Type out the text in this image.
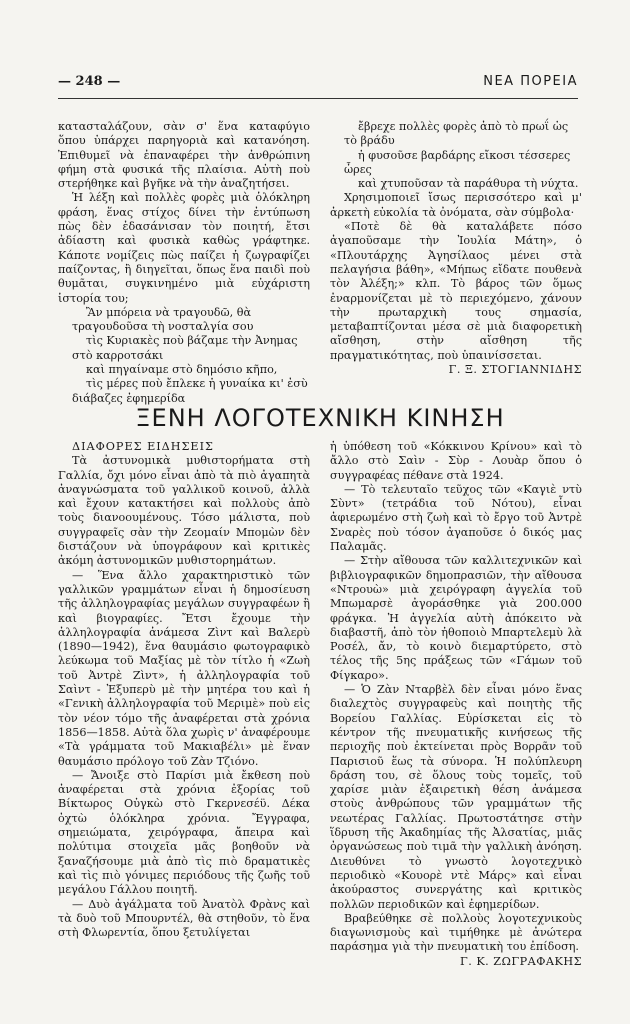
— 248 —	ΝΕΑ ΠΟΡΕΙΑ

κατασταλάζουν, σὰν σ' ἕνα καταφύγιο ὅπου ὑπάρχει παρηγοριὰ καὶ κατανόηση. Ἐπιθυμεῖ νὰ ἐπαναφέρει τὴν ἀνθρώπινη φήμη στὰ φυσικά τῆς πλαίσια. Αὐτὴ ποὺ στερήθηκε καὶ βγῆκε νὰ τὴν ἀναζητήσει.

Ἡ λέξη καὶ πολλὲς φορὲς μιὰ ὁλόκληρη φράση, ἕνας στίχος δίνει τὴν ἐντύπωση πὼς δὲν ἐδασάνισαν τὸν ποιητή, ἔτσι ἀδίαστη καὶ φυσικὰ καθὼς γράφτηκε. Κάποτε νομίζεις πὼς παίζει ἡ ζωγραφίζει παίζοντας, ἢ διηγεῖται, ὅπως ἕνα παιδὶ ποὺ θυμᾶται, συγκινημένο μιὰ εὐχάριστη ἱστορία του;

Ἂν μπόρεια νὰ τραγουδῶ, θὰ τραγουδοῦσα τὴ νοσταλγία σου

τὶς Κυριακὲς ποὺ βάζαμε τὴν Ἀνημας στὸ καρροτσάκι

καὶ πηγαίναμε στὸ δημόσιο κῆπο,

τὶς μέρες ποὺ ἔπλεκε ἡ γυναίκα κι' ἐσὺ διάβαζες ἐφημερίδα

ἔβρεχε πολλὲς φορὲς ἀπὸ τὸ πρωΐ ὡς τὸ βράδυ

ἡ φυσοῦσε βαρδάρης εἴκοσι τέσσερες ὧρες

καὶ χτυποῦσαν τὰ παράθυρα τὴ νύχτα.

Χρησιμοποιεῖ ἴσως περισσότερο καὶ μ' ἀρκετὴ εὐκολία τὰ ὀνόματα, σὰν σύμβολα·

«Ποτὲ δὲ θὰ καταλάβετε πόσο ἀγαποῦσαμε τὴν Ἰουλία Μάτη», ὁ «Πλουτάρχης Ἀγησίλαος μένει στὰ πελαγήσια βάθη», «Μήπως εἴδατε πουθενὰ τὸν Ἀλέξη;» κλπ. Τὸ βάρος τῶν ὅμως ἐναρμονίζεται μὲ τὸ περιεχόμενο, χάνουν τὴν πρωταρχικὴ τους σημασία, μεταβαπτίζονται μέσα σὲ μιὰ διαφορετικὴ αἴσθηση, στὴν αἴσθηση τῆς πραγματικότητας, ποὺ ὑπαινίσσεται.

Γ. Ξ. ΣΤΟΓΙΑΝΝΙΔΗΣ

ΞΕΝΗ ΛΟΓΟΤΕΧΝΙΚΗ ΚΙΝΗΣΗ

ΔΙΑΦΟΡΕΣ ΕΙΔΗΣΕΙΣ

Τὰ ἀστυνομικὰ μυθιστορήματα στὴ Γαλλία, ὄχι μόνο εἶναι ἀπὸ τὰ πιὸ ἀγαπητὰ ἀναγνώσματα τοῦ γαλλικοῦ κοινοῦ, ἀλλὰ καὶ ἔχουν κατακτήσει καὶ πολλοὺς ἀπὸ τοὺς διανοουμένους. Τόσο μάλιστα, ποὺ συγγραφεῖς σὰν τὴν Ζεομαίν Μπομὼν δὲν διστάζουν νὰ ὑπογράφουν καὶ κριτικὲς ἀκόμη ἀστυνομικῶν μυθιστορημάτων.

— Ἕνα ἄλλο χαρακτηριστικὸ τῶν γαλλικῶν γραμμάτων εἶναι ἡ δημοσίευση τῆς ἀλληλογραφίας μεγάλων συγγραφέων ἢ καὶ βιογραφίες. Ἔτσι ἔχουμε τὴν ἀλληλογραφία ἀνάμεσα Ζὶντ καὶ Βαλερὺ (1890—1942), ἕνα θαυμάσιο φωτογραφικὸ λεύκωμα τοῦ Μαξίας μὲ τὸν τίτλο ἡ «Ζωὴ τοῦ Ἀντρὲ Ζὶντ», ἡ ἀλληλογραφία τοῦ Σαὶντ - Ἐξυπερὺ μὲ τὴν μητέρα του καὶ ἡ «Γενικὴ ἀλληλογραφία τοῦ Μεριμὲ» ποὺ εἰς τὸν νέον τόμο τῆς ἀναφέρεται στὰ χρόνια 1856—1858. Αὐτὰ ὅλα χωρὶς ν' ἀναφέρουμε «Τὰ γράμματα τοῦ Μακιαβέλι» μὲ ἕναν θαυμάσιο πρόλογο τοῦ Ζὰν Τζιόνο.

— Ἄνοιξε στὸ Παρίσι μιὰ ἔκθεση ποὺ ἀναφέρεται στὰ χρόνια ἐξορίας τοῦ Βίκτωρος Οὐγκὼ στὸ Γκερνεσέϋ. Δέκα ὀχτὼ ὁλόκληρα χρόνια. Ἔγγραφα, σημειώματα, χειρόγραφα, ἄπειρα καὶ πολύτιμα στοιχεῖα μᾶς βοηθοῦν νὰ ξαναζήσουμε μιὰ ἀπὸ τὶς πιὸ δραματικὲς καὶ τὶς πιὸ γόνιμες περιόδους τῆς ζωῆς τοῦ μεγάλου Γάλλου ποιητῆ.

— Δυὸ ἀγάλματα τοῦ Ἀνατὸλ Φρὰνς καὶ τὰ δυὸ τοῦ Μπουρντέλ, θὰ στηθοῦν, τὸ ἕνα στὴ Φλωρεντία, ὅπου ξετυλίγεται

ἡ ὑπόθεση τοῦ «Κόκκινου Κρίνου» καὶ τὸ ἄλλο στὸ Σαὶν - Σὺρ - Λουὰρ ὅπου ὁ συγγραφέας πέθανε στὰ 1924.

— Τὸ τελευταῖο τεῦχος τῶν «Καγιὲ ντὺ Σὺντ» (τετράδια τοῦ Νότου), εἶναι ἀφιερωμένο στὴ ζωὴ καὶ τὸ ἔργο τοῦ Ἀντρὲ Σναρὲς ποὺ τόσον ἀγαποῦσε ὁ δικός μας Παλαμᾶς.

— Στὴν αἴθουσα τῶν καλλιτεχνικῶν καὶ βιβλιογραφικῶν δημοπρασιῶν, τὴν αἴθουσα «Ντρουὼ» μιὰ χειρόγραφη ἀγγελία τοῦ Μπωμαρσὲ ἀγοράσθηκε γιὰ 200.000 φράγκα. Ἡ ἀγγελία αὐτὴ ἀπόκειτο νὰ διαβαστῆ, ἀπὸ τὸν ἠθοποιὸ Μπαρτελεμὺ λὰ Ροσέλ, ἄν, τὸ κοινὸ διεμαρτύρετο, στὸ τέλος τῆς 5ης πράξεως τῶν «Γάμων τοῦ Φίγκαρο».

— Ὁ Ζὰν Νταρβὲλ δὲν εἶναι μόνο ἕνας διαλεχτὸς συγγραφεὺς καὶ ποιητὴς τῆς Βορείου Γαλλίας. Εὑρίσκεται εἰς τὸ κέντρον τῆς πνευματικῆς κινήσεως τῆς περιοχῆς ποὺ ἐκτείνεται πρὸς Βορρᾶν τοῦ Παρισιοῦ ἕως τὰ σύνορα. Ἡ πολύπλευρη δράση του, σὲ ὅλους τοὺς τομεῖς, τοῦ χαρίσε μιὰν ἐξαιρετικὴ θέση ἀνάμεσα στοὺς ἀνθρώπους τῶν γραμμάτων τῆς νεωτέρας Γαλλίας. Πρωτοστάτησε στὴν ἵδρυση τῆς Ἀκαδημίας τῆς Ἀλσατίας, μιᾶς ὀργανώσεως ποὺ τιμᾶ τὴν γαλλικὴ ἀνόηση. Διευθύνει τὸ γνωστὸ λογοτεχνικὸ περιοδικὸ «Κουορὲ ντὲ Μάρς» καὶ εἶναι ἀκούραστος συνεργάτης καὶ κριτικὸς πολλῶν περιοδικῶν καὶ ἐφημερίδων.

Βραβεύθηκε σὲ πολλοὺς λογοτεχνικοὺς διαγωνισμοὺς καὶ τιμήθηκε μὲ ἀνώτερα παράσημα γιὰ τὴν πνευματικὴ του ἐπίδοση.

Γ. Κ. ΖΩΓΡΑΦΑΚΗΣ
